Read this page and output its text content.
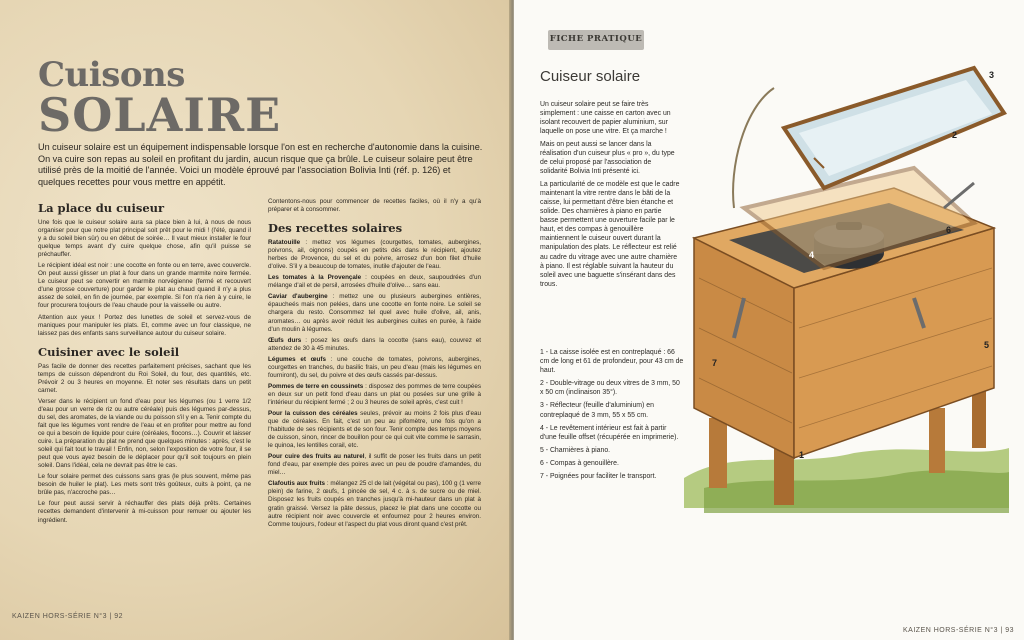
Cuisons
SOLAIRE
Un cuiseur solaire est un équipement indispensable lorsque l'on est en recherche d'autonomie dans la cuisine. On va cuire son repas au soleil en profitant du jardin, aucun risque que ça brûle. Le cuiseur solaire peut être utilisé près de la moitié de l'année. Voici un modèle éprouvé par l'association Bolivia Inti (réf. p. 126) et quelques recettes pour vous mettre en appétit.
La place du cuiseur

Une fois que le cuiseur solaire aura sa place bien à lui, à nous de nous organiser pour que notre plat principal soit prêt pour le midi ! (l'été, quand il y a du soleil bien sûr) ou en début de soirée… Il vaut mieux installer le four quelque temps avant d'y cuire quelque chose, afin qu'il puisse se préchauffer.

Le récipient idéal est noir : une cocotte en fonte ou en terre, avec couvercle. On peut aussi glisser un plat à four dans un grande marmite noire fermée. Le cuiseur peut se convertir en marmite norvégienne (fermé et recouvert d'une grosse couverture) pour garder le plat au chaud quand il n'y a plus assez de soleil, en fin de journée, par exemple. Si l'on n'a rien à y cuire, le four procurera toujours de l'eau chaude pour la vaisselle ou autre.

Attention aux yeux ! Portez des lunettes de soleil et servez-vous de maniques pour manipuler les plats. Et, comme avec un four classique, ne laissez pas des enfants sans surveillance autour du cuiseur solaire.

Cuisiner avec le soleil

Pas facile de donner des recettes parfaitement précises, sachant que les temps de cuisson dépendront du Roi Soleil, du four, des quantités, etc. Prévoir 2 ou 3 heures en moyenne. Et noter ses résultats dans un petit carnet.

Verser dans le récipient un fond d'eau pour les légumes (ou 1 verre 1/2 d'eau pour un verre de riz ou autre céréale) puis des légumes par-dessus, du sel, des aromates, de la viande ou du poisson s'il y en a. Tenir compte du fait que les légumes vont rendre de l'eau et en profiter pour mettre au fond ce qui a besoin de liquide pour cuire (céréales, flocons…). Couvrir et laisser cuire. La préparation du plat ne prend que quelques minutes : après, c'est le soleil qui fait tout le travail ! Enfin, non, selon l'exposition de votre four, il se peut que vous ayez besoin de le déplacer pour qu'il soit toujours en plein soleil. Dans l'idéal, cela ne devrait pas être le cas.

Le four solaire permet des cuissons sans gras (le plus souvent, même pas besoin de huiler le plat). Les mets sont très goûteux, cuits à point, ça ne brûle pas, n'accroche pas…

Le four peut aussi servir à réchauffer des plats déjà prêts. Certaines recettes demandent d'intervenir à mi-cuisson pour remuer ou ajouter les ingrédient.

Contentons-nous pour commencer de recettes faciles, où il n'y a qu'à préparer et à consommer.

Des recettes solaires

Ratatouille : mettez vos légumes (courgettes, tomates, aubergines, poivrons, ail, oignons) coupés en petits dés dans le récipient, ajoutez herbes de Provence, du sel et du poivre, arrosez d'un bon filet d'huile d'olive. S'il y a beaucoup de tomates, inutile d'ajouter de l'eau.

Les tomates à la Provençale : coupées en deux, saupoudrées d'un mélange d'ail et de persil, arrosées d'huile d'olive… sans eau.

Caviar d'aubergine : mettez une ou plusieurs aubergines entières, épaucheés mais non pelées, dans une cocotte en fonte noire. Le soleil se chargera du resto. Consommez tel quel avec huile d'olive, ail, anis, aromates… ou après avoir réduit les aubergines cuites en purée, à l'aide d'un moulin à légumes.

Œufs durs : posez les œufs dans la cocotte (sans eau), couvrez et attendez de 30 à 45 minutes.

Légumes et œufs : une couche de tomates, poivrons, aubergines, courgettes en tranches, du basilic frais, un peu d'eau (mais les légumes en fourniront), du sel, du poivre et des œufs cassés par-dessus.

Pommes de terre en coussinets : disposez des pommes de terre coupées en deux sur un petit fond d'eau dans un plat ou posées sur une grille à l'intérieur du récipient fermé ; 2 ou 3 heures de soleil après, c'est cuit !

Pour la cuisson des céréales seules, prévoir au moins 2 fois plus d'eau que de céréales. En fait, c'est un peu au pifomètre, une fois qu'on a l'habitude de ses récipients et de son four. Tenir compte des temps moyens de cuisson, sinon, rincer de bouillon pour ce qui cuit vite comme le sarrasin, le quinoa, les lentilles corail, etc.

Pour cuire des fruits au naturel, il suffit de poser les fruits dans un petit fond d'eau, par exemple des poires avec un peu de poudre d'amandes, du miel…

Clafoutis aux fruits : mélangez 25 cl de lait (végétal ou pas), 100 g (1 verre plein) de farine, 2 œufs, 1 pincée de sel, 4 c. à s. de sucre ou de miel. Disposez les fruits coupés en tranches jusqu'à mi-hauteur dans un plat à gratin graissé. Versez la pâte dessus, placez le plat dans une cocotte ou autre récipient noir avec couvercle et enfournez pour 2 heures environ. Comme toujours, l'odeur et l'aspect du plat vous diront quand c'est prêt.

KAIZEN HORS-SÉRIE N°3 | 92
FICHE PRATIQUE
Cuiseur solaire

Un cuiseur solaire peut se faire très simplement : une caisse en carton avec un isolant recouvert de papier aluminium, sur laquelle on pose une vitre. Et ça marche !

Mais on peut aussi se lancer dans la réalisation d'un cuiseur plus « pro », du type de celui proposé par l'association de solidarité Bolivia Inti présenté ici.

La particularité de ce modèle est que le cadre maintenant la vitre rentre dans le bâti de la caisse, lui permettant d'être bien étanche et solide. Des charnières à piano en partie basse permettent une ouverture facile par le haut, et des compas à genouillère maintiennent le cuiseur ouvert durant la manipulation des plats. Le réflecteur est relié au cadre du vitrage avec une autre charnière à piano. Il est réglable suivant la hauteur du soleil avec une baguette s'insérant dans des trous.

1 - La caisse isolée est en contreplaqué : 66 cm de long et 61 de profondeur, pour 43 cm de haut.

2 - Double-vitrage ou deux vitres de 3 mm, 50 x 50 cm (inclinaison 35°).

3 - Réflecteur (feuille d'aluminium) en contreplaqué de 3 mm, 55 x 55 cm.

4 - Le revêtement intérieur est fait à partir d'une feuille offset (récupérée en imprimerie).

5 - Charnières à piano.

6 - Compas à genouillère.

7 - Poignées pour faciliter le transport.

1
2
3
4
5
6
7
KAIZEN HORS-SÉRIE N°3 | 93
